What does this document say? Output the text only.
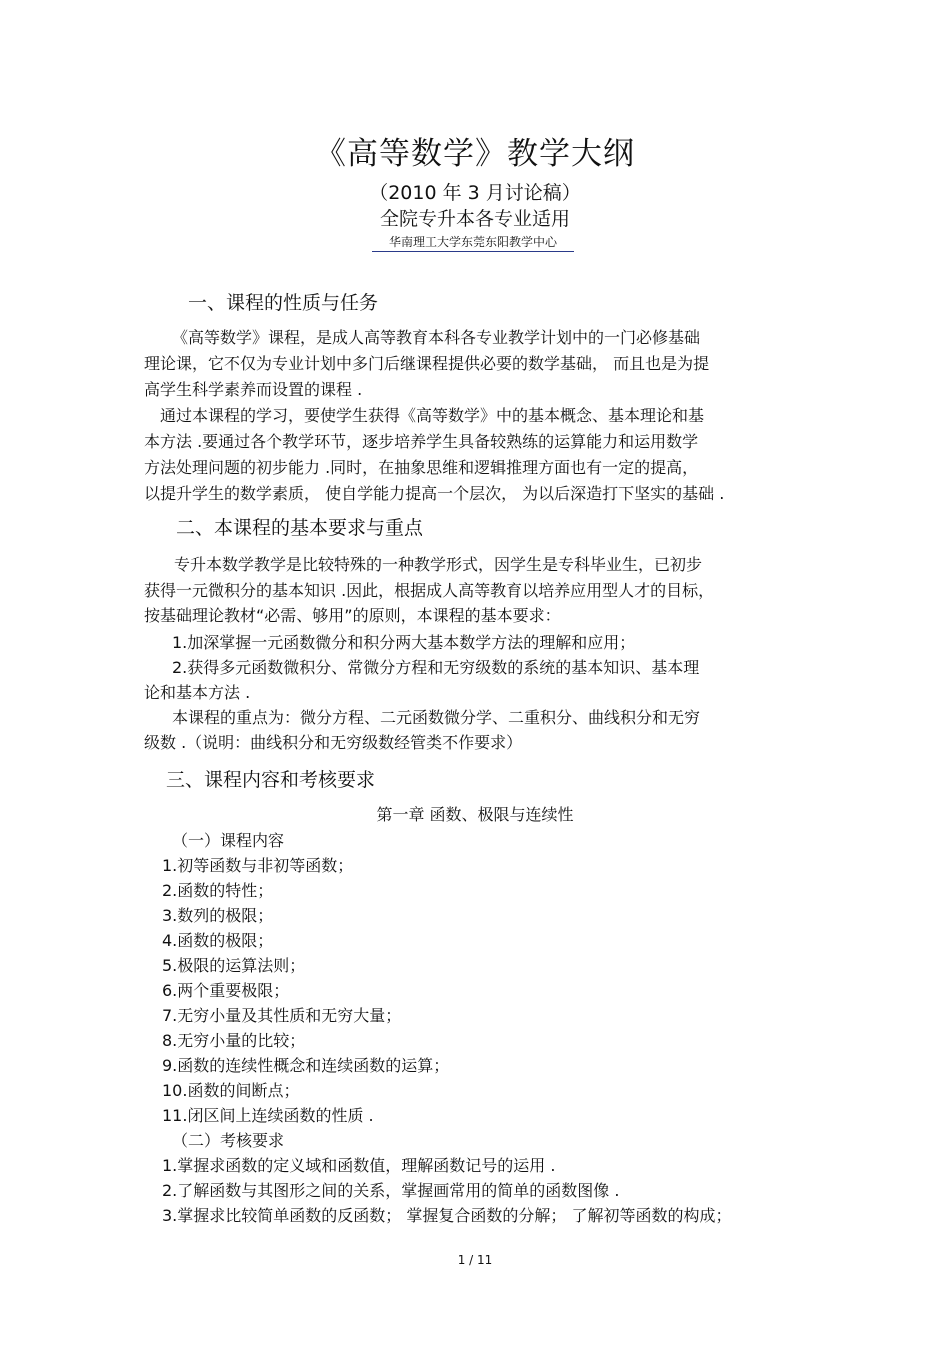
《高等数学》教学大纲
（2010 年 3 月讨论稿）
全院专升本各专业适用
华南理工大学东莞东阳教学中心
一、课程的性质与任务
《高等数学》课程，是成人高等教育本科各专业教学计划中的一门必修基础
理论课，它不仅为专业计划中多门后继课程提供必要的数学基础， 而且也是为提
高学生科学素养而设置的课程 .
通过本课程的学习，要使学生获得《高等数学》中的基本概念、基本理论和基
本方法 .要通过各个教学环节，逐步培养学生具备较熟练的运算能力和运用数学
方法处理问题的初步能力 .同时，在抽象思维和逻辑推理方面也有一定的提高，
以提升学生的数学素质， 使自学能力提高一个层次， 为以后深造打下坚实的基础 .
二、本课程的基本要求与重点
专升本数学教学是比较特殊的一种教学形式，因学生是专科毕业生，已初步
获得一元微积分的基本知识 .因此，根据成人高等教育以培养应用型人才的目标，
按基础理论教材“必需、够用”的原则，本课程的基本要求：
1.加深掌握一元函数微分和积分两大基本数学方法的理解和应用；
2.获得多元函数微积分、常微分方程和无穷级数的系统的基本知识、基本理
论和基本方法 .
本课程的重点为：微分方程、二元函数微分学、二重积分、曲线积分和无穷
级数 .（说明：曲线积分和无穷级数经管类不作要求）
三、课程内容和考核要求
第一章 函数、极限与连续性
（一）课程内容
1.初等函数与非初等函数；
2.函数的特性；
3.数列的极限；
4.函数的极限；
5.极限的运算法则；
6.两个重要极限；
7.无穷小量及其性质和无穷大量；
8.无穷小量的比较；
9.函数的连续性概念和连续函数的运算；
10.函数的间断点；
11.闭区间上连续函数的性质 .
（二）考核要求
1.掌握求函数的定义域和函数值，理解函数记号的运用 .
2.了解函数与其图形之间的关系，掌握画常用的简单的函数图像 .
3.掌握求比较简单函数的反函数； 掌握复合函数的分解； 了解初等函数的构成；
1 / 11
